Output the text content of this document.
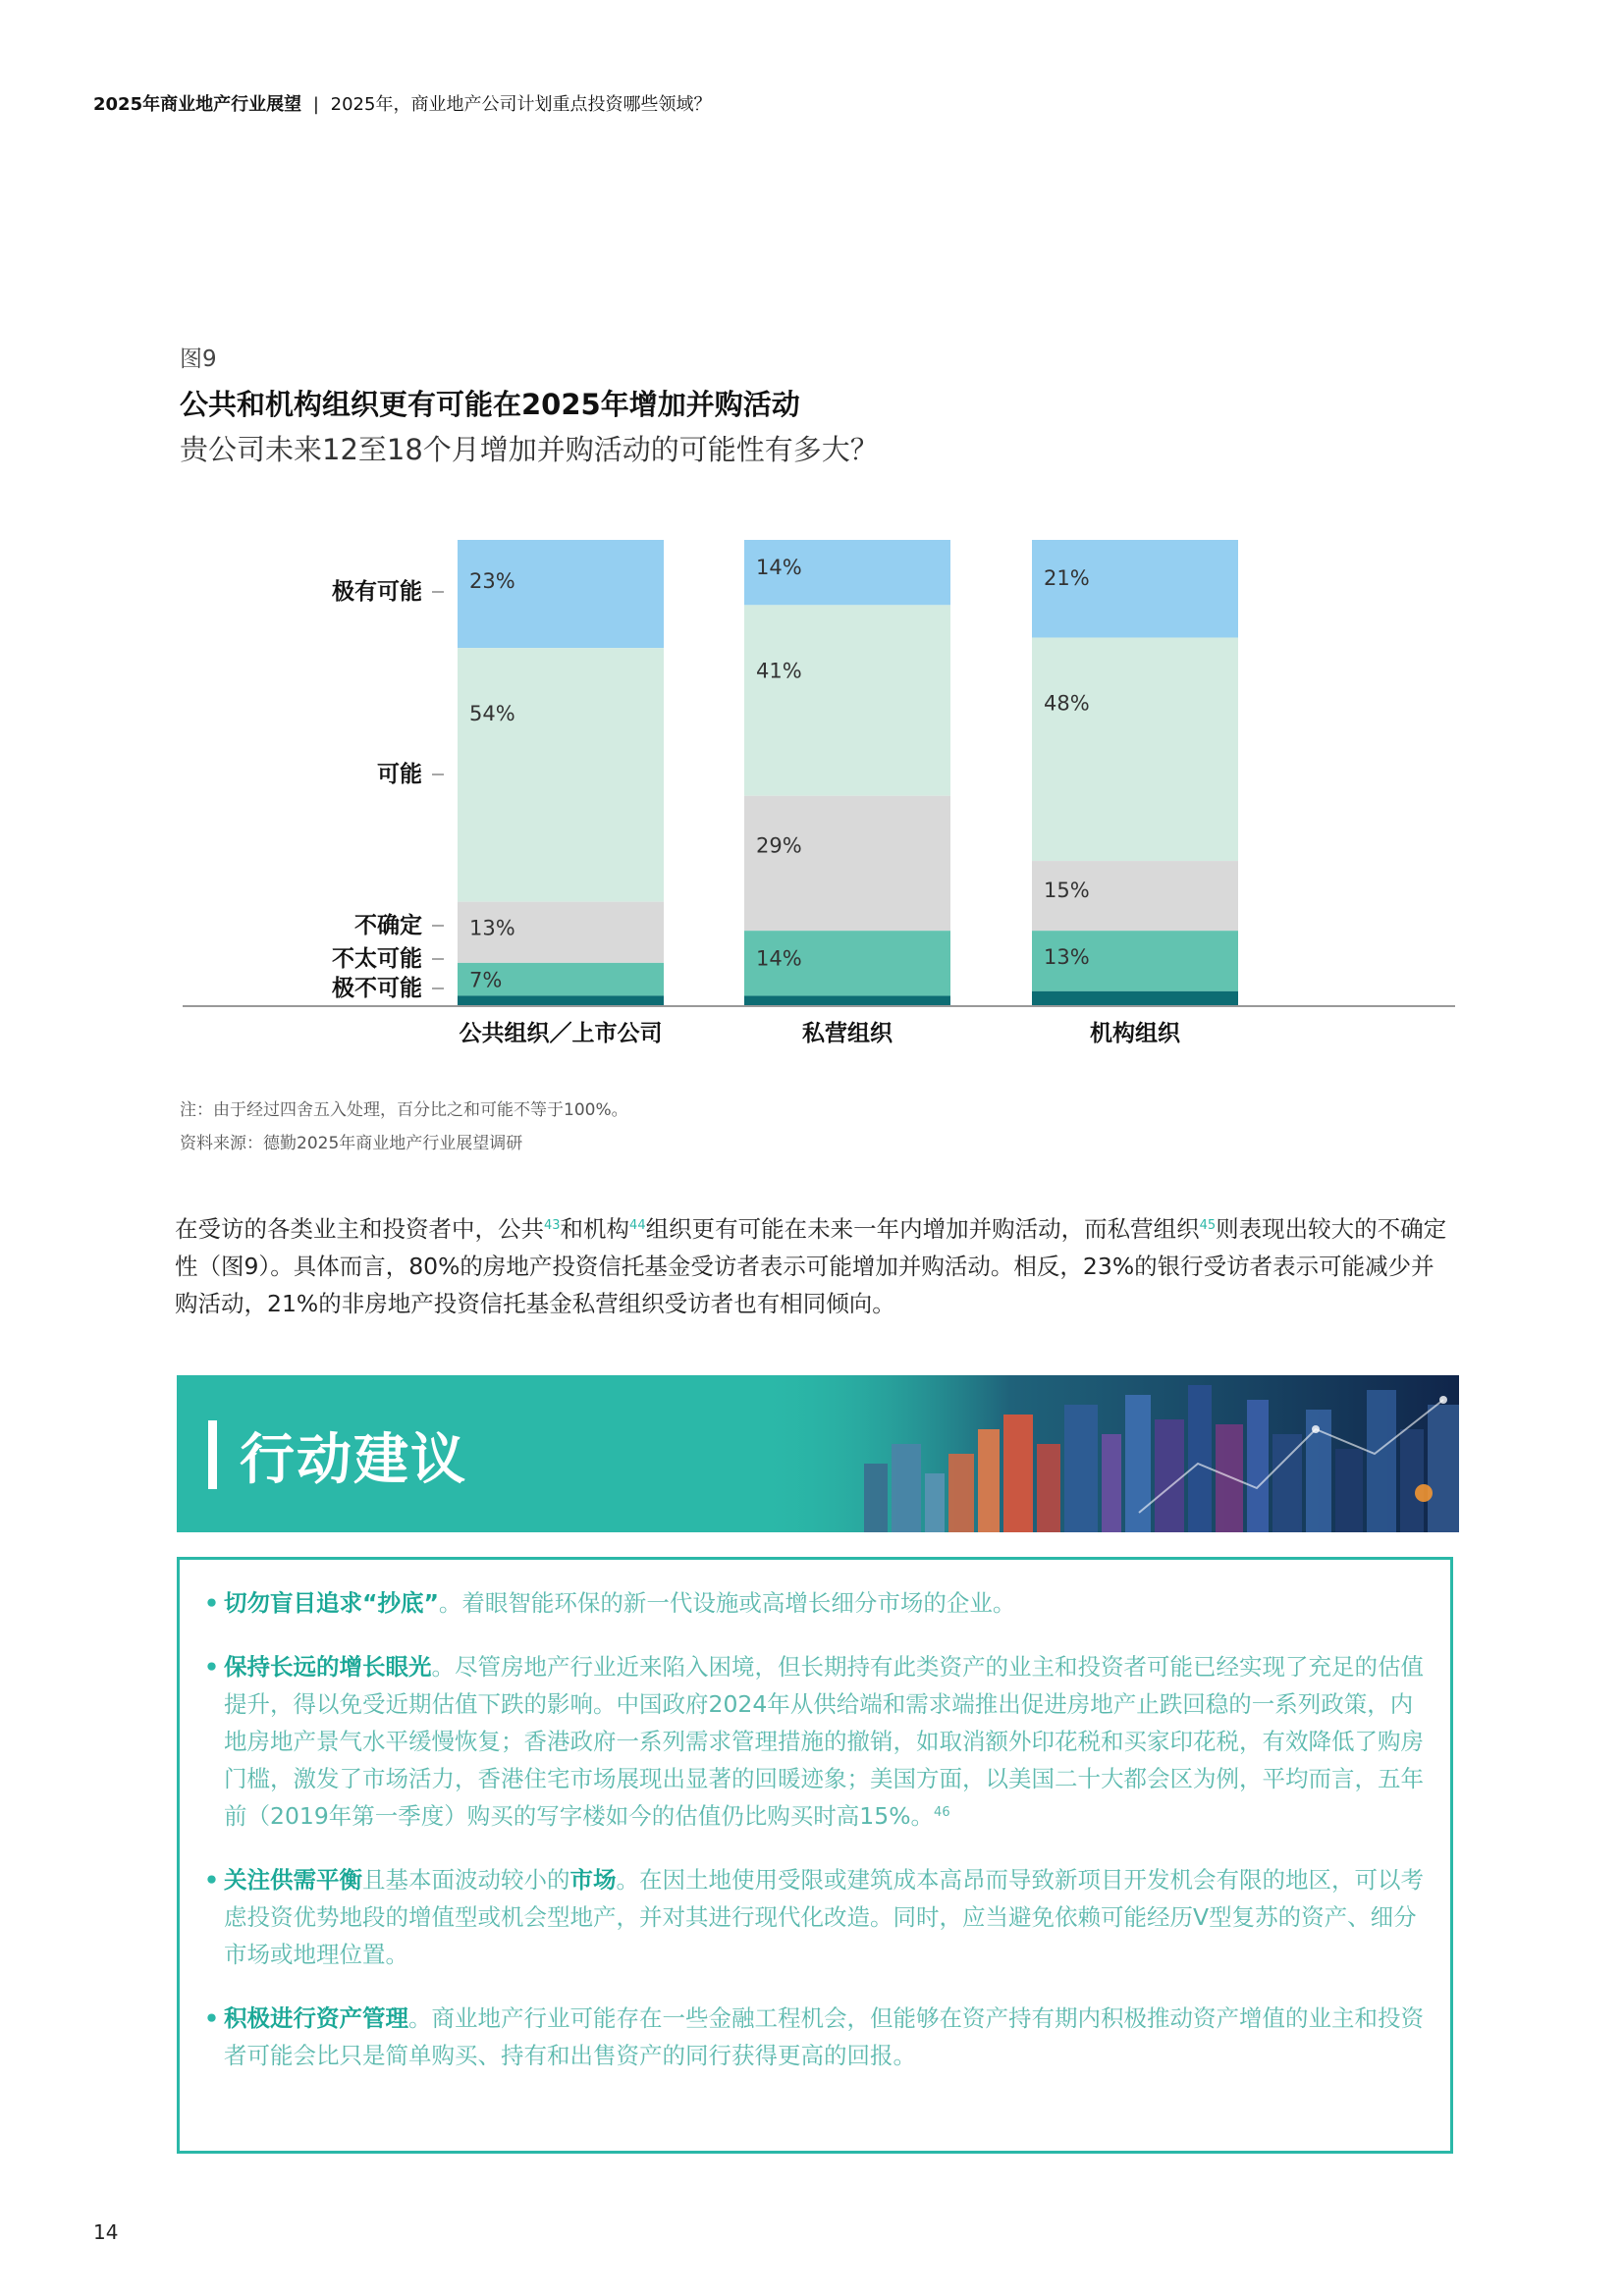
2025年商业地产行业展望 | 2025年，商业地产公司计划重点投资哪些领域？
图9
公共和机构组织更有可能在2025年增加并购活动
贵公司未来12至18个月增加并购活动的可能性有多大？
23%
54%
13%
7%
公共组织／上市公司
14%
41%
29%
14%
私营组织
21%
48%
15%
13%
机构组织
极有可能
可能
不确定
不太可能
极不可能
注：由于经过四舍五入处理，百分比之和可能不等于100%。
资料来源：德勤2025年商业地产行业展望调研
在受访的各类业主和投资者中，公共$^{43}$和机构$^{44}$组织更有可能在未来一年内增加并购活动，而私营组织$^{45}$则表现出较大的不确定性（图9）。具体而言，80%的房地产投资信托基金受访者表示可能增加并购活动。相反，23%的银行受访者表示可能减少并购活动，21%的非房地产投资信托基金私营组织受访者也有相同倾向。
行动建议
• 切勿盲目追求“抄底”。着眼智能环保的新一代设施或高增长细分市场的企业。
• 保持长远的增长眼光。尽管房地产行业近来陷入困境，但长期持有此类资产的业主和投资者可能已经实现了充足的估值提升，得以免受近期估值下跌的影响。中国政府2024年从供给端和需求端推出促进房地产止跌回稳的一系列政策，内地房地产景气水平缓慢恢复；香港政府一系列需求管理措施的撤销，如取消额外印花税和买家印花税，有效降低了购房门槛，激发了市场活力，香港住宅市场展现出显著的回暖迹象；美国方面，以美国二十大都会区为例，平均而言，五年前（2019年第一季度）购买的写字楼如今的估值仍比购买时高15%。$^{46}$
• 关注供需平衡且基本面波动较小的市场。在因土地使用受限或建筑成本高昂而导致新项目开发机会有限的地区，可以考虑投资优势地段的增值型或机会型地产，并对其进行现代化改造。同时，应当避免依赖可能经历V型复苏的资产、细分市场或地理位置。
• 积极进行资产管理。商业地产行业可能存在一些金融工程机会，但能够在资产持有期内积极推动资产增值的业主和投资者可能会比只是简单购买、持有和出售资产的同行获得更高的回报。
14
